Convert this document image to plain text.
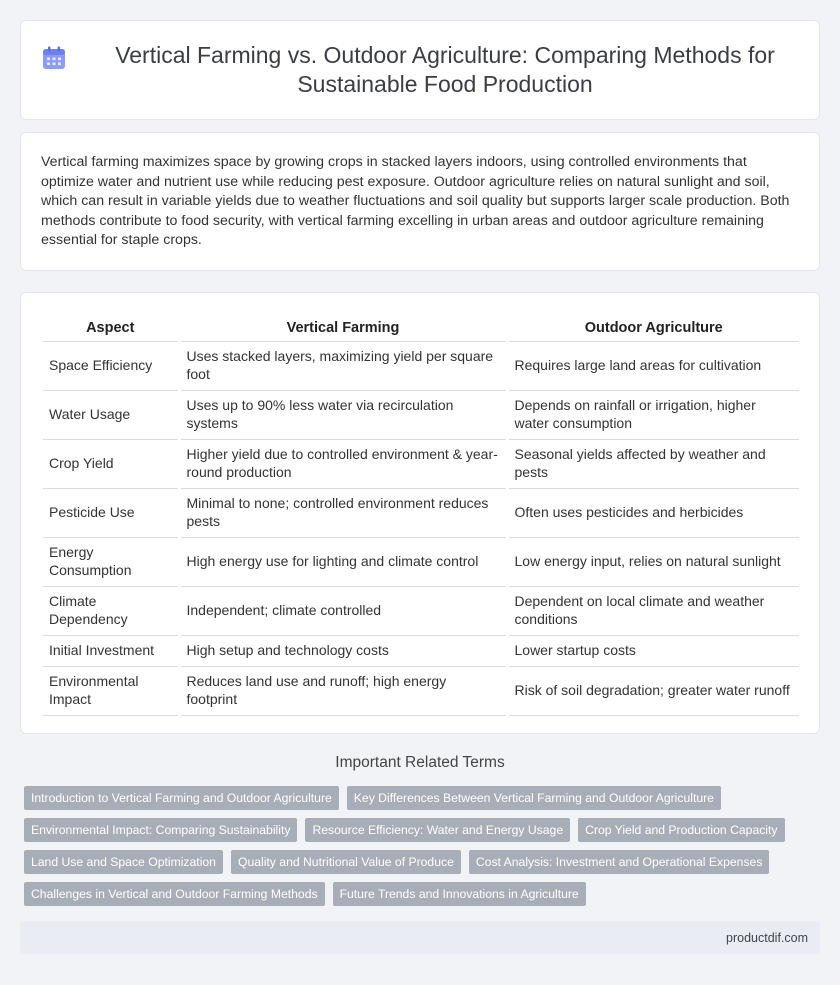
Vertical Farming vs. Outdoor Agriculture: Comparing Methods for Sustainable Food Production

Vertical farming maximizes space by growing crops in stacked layers indoors, using controlled environments that optimize water and nutrient use while reducing pest exposure. Outdoor agriculture relies on natural sunlight and soil, which can result in variable yields due to weather fluctuations and soil quality but supports larger scale production. Both methods contribute to food security, with vertical farming excelling in urban areas and outdoor agriculture remaining essential for staple crops.

Aspect	Vertical Farming	Outdoor Agriculture
Space Efficiency	Uses stacked layers, maximizing yield per square foot	Requires large land areas for cultivation
Water Usage	Uses up to 90% less water via recirculation systems	Depends on rainfall or irrigation, higher water consumption
Crop Yield	Higher yield due to controlled environment & year-round production	Seasonal yields affected by weather and pests
Pesticide Use	Minimal to none; controlled environment reduces pests	Often uses pesticides and herbicides
Energy Consumption	High energy use for lighting and climate control	Low energy input, relies on natural sunlight
Climate Dependency	Independent; climate controlled	Dependent on local climate and weather conditions
Initial Investment	High setup and technology costs	Lower startup costs
Environmental Impact	Reduces land use and runoff; high energy footprint	Risk of soil degradation; greater water runoff
Important Related Terms
Introduction to Vertical Farming and Outdoor Agriculture	Key Differences Between Vertical Farming and Outdoor Agriculture
Environmental Impact: Comparing Sustainability	Resource Efficiency: Water and Energy Usage	Crop Yield and Production Capacity
Land Use and Space Optimization	Quality and Nutritional Value of Produce	Cost Analysis: Investment and Operational Expenses
Challenges in Vertical and Outdoor Farming Methods	Future Trends and Innovations in Agriculture
productdif.com
